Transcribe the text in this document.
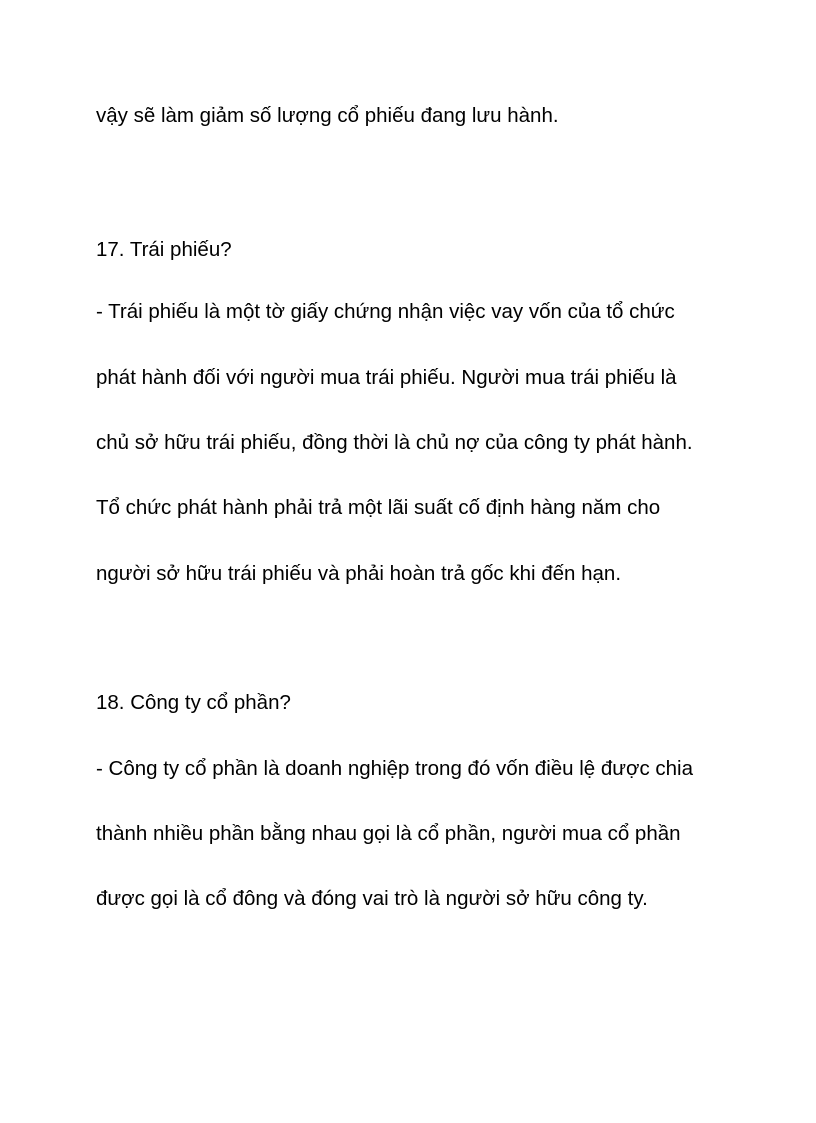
vậy sẽ làm giảm số lượng cổ phiếu đang lưu hành.
17. Trái phiếu?
- Trái phiếu là một tờ giấy chứng nhận việc vay vốn của tổ chức
phát hành đối với người mua trái phiếu. Người mua trái phiếu là
chủ sở hữu trái phiếu, đồng thời là chủ nợ của công ty phát hành.
Tổ chức phát hành phải trả một lãi suất cố định hàng năm cho
người sở hữu trái phiếu và phải hoàn trả gốc khi đến hạn.
18. Công ty cổ phần?
- Công ty cổ phần là doanh nghiệp trong đó vốn điều lệ được chia
thành nhiều phần bằng nhau gọi là cổ phần, người mua cổ phần
được gọi là cổ đông và đóng vai trò là người sở hữu công ty.
